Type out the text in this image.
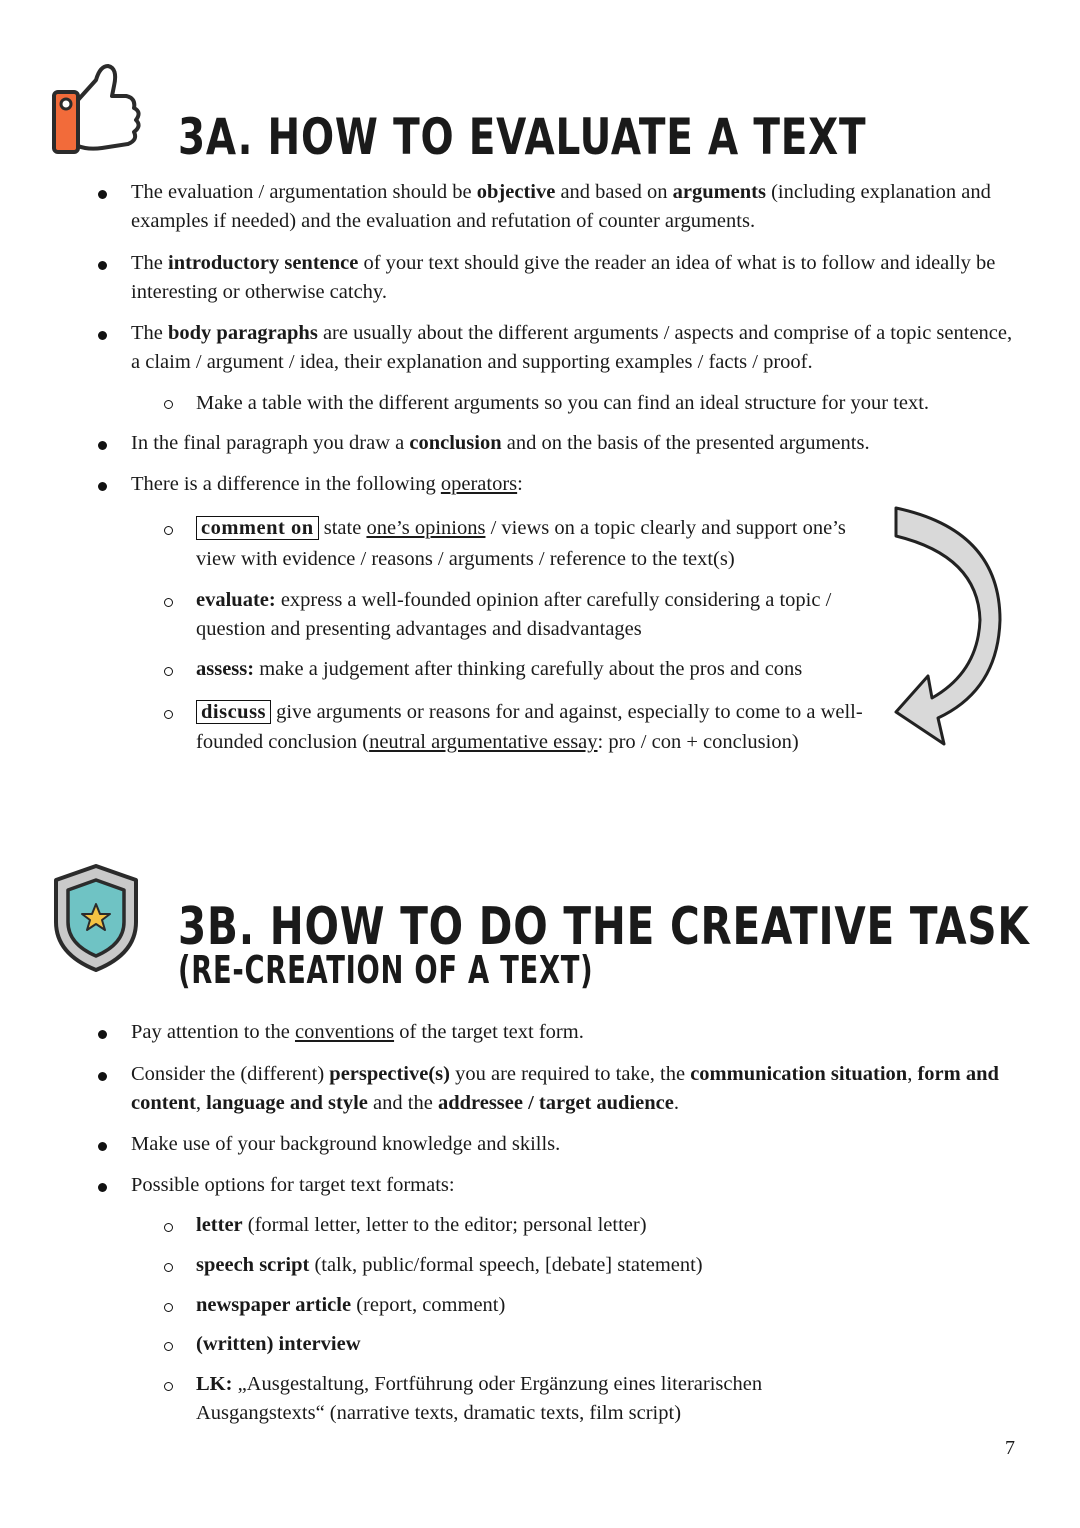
3A. HOW TO EVALUATE A TEXT
The evaluation / argumentation should be objective and based on arguments (including explanation and examples if needed) and the evaluation and refutation of counter arguments.
The introductory sentence of your text should give the reader an idea of what is to follow and ideally be interesting or otherwise catchy.
The body paragraphs are usually about the different arguments / aspects and comprise of a topic sentence, a claim / argument / idea, their explanation and supporting examples / facts / proof.
Make a table with the different arguments so you can find an ideal structure for your text.
In the final paragraph you draw a conclusion and on the basis of the presented arguments.
There is a difference in the following operators:
comment on state one’s opinions / views on a topic clearly and support one’s view with evidence / reasons / arguments / reference to the text(s)
evaluate: express a well-founded opinion after carefully considering a topic / question and presenting advantages and disadvantages
assess: make a judgement after thinking carefully about the pros and cons
discuss give arguments or reasons for and against, especially to come to a well-founded conclusion (neutral argumentative essay: pro / con + conclusion)
3B. HOW TO DO THE CREATIVE TASK
(RE-CREATION OF A TEXT)
Pay attention to the conventions of the target text form.
Consider the (different) perspective(s) you are required to take, the communication situation, form and content, language and style and the addressee / target audience.
Make use of your background knowledge and skills.
Possible options for target text formats:
letter (formal letter, letter to the editor; personal letter)
speech script (talk, public/formal speech, [debate] statement)
newspaper article (report, comment)
(written) interview
LK: „Ausgestaltung, Fortführung oder Ergänzung eines literarischen Ausgangstexts“ (narrative texts, dramatic texts, film script)
7
